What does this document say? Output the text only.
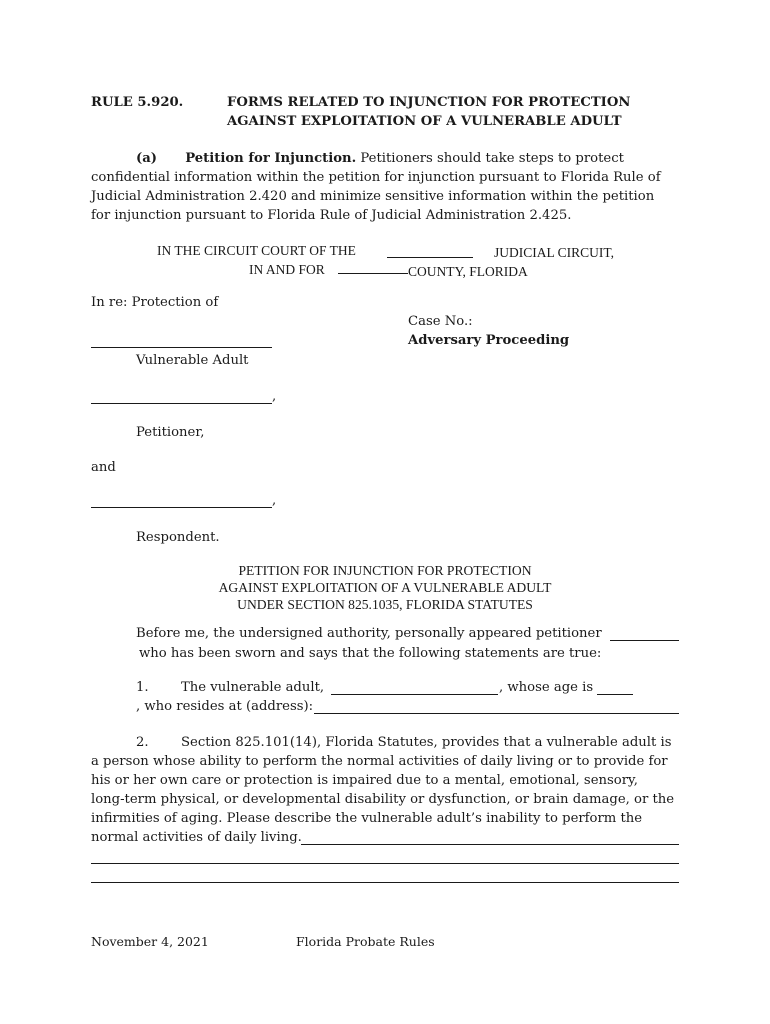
RULE 5.920.	FORMS RELATED TO INJUNCTION FOR PROTECTION
AGAINST EXPLOITATION OF A VULNERABLE ADULT
(a) Petition for Injunction. Petitioners should take steps to protect
confidential information within the petition for injunction pursuant to Florida Rule of
Judicial Administration 2.420 and minimize sensitive information within the petition
for injunction pursuant to Florida Rule of Judicial Administration 2.425.
IN THE CIRCUIT COURT OF THE	JUDICIAL CIRCUIT,
IN AND FOR	COUNTY, FLORIDA
In re: Protection of
Case No.:
Adversary Proceeding
Vulnerable Adult
,
Petitioner,
and
,
Respondent.
PETITION FOR INJUNCTION FOR PROTECTION
AGAINST EXPLOITATION OF A VULNERABLE ADULT
UNDER SECTION 825.1035, FLORIDA STATUTES
Before me, the undersigned authority, personally appeared petitioner
who has been sworn and says that the following statements are true:
1. The vulnerable adult,	, whose age is
, who resides at (address):
2. Section 825.101(14), Florida Statutes, provides that a vulnerable adult is
a person whose ability to perform the normal activities of daily living or to provide for
his or her own care or protection is impaired due to a mental, emotional, sensory,
long-term physical, or developmental disability or dysfunction, or brain damage, or the
infirmities of aging. Please describe the vulnerable adult’s inability to perform the
normal activities of daily living.
November 4, 2021	Florida Probate Rules
